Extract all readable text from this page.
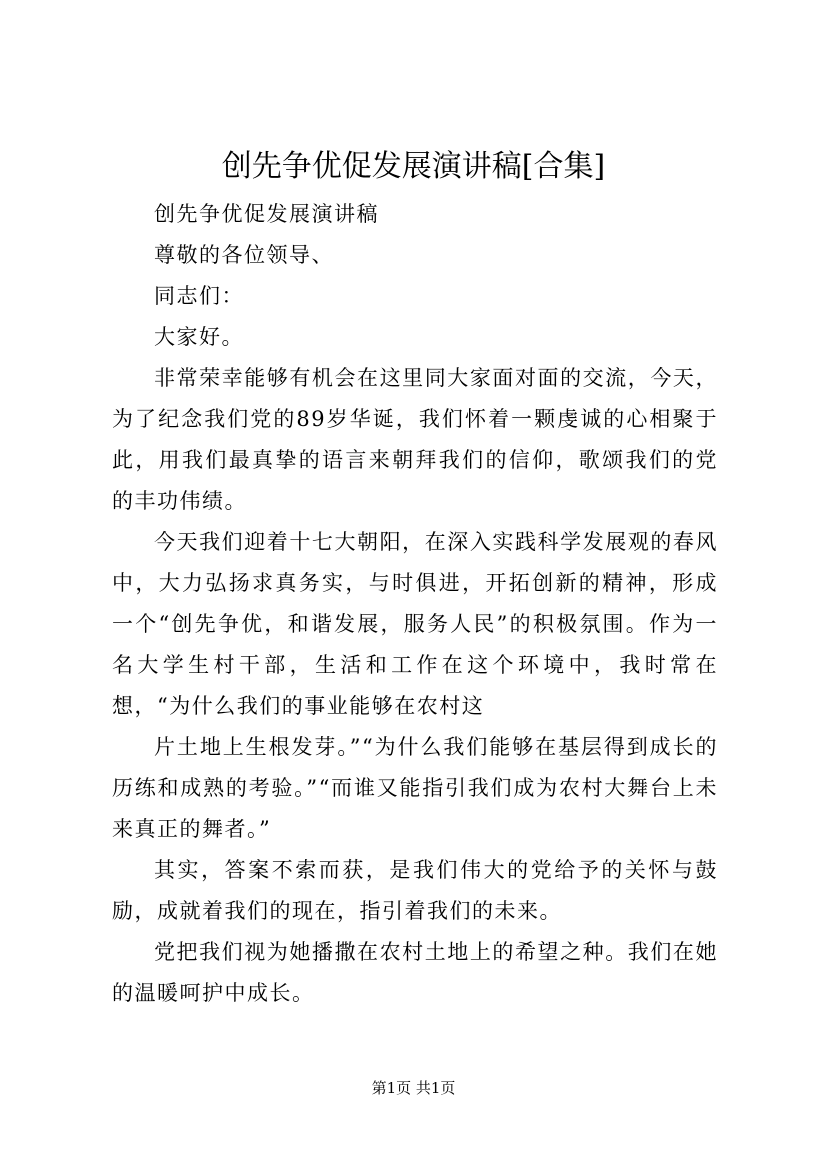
创先争优促发展演讲稿[合集]

创先争优促发展演讲稿

尊敬的各位领导、

同志们：

大家好。

非常荣幸能够有机会在这里同大家面对面的交流，今天，为了纪念我们党的89岁华诞，我们怀着一颗虔诚的心相聚于此，用我们最真挚的语言来朝拜我们的信仰，歌颂我们的党的丰功伟绩。

今天我们迎着十七大朝阳，在深入实践科学发展观的春风中，大力弘扬求真务实，与时俱进，开拓创新的精神，形成一个“创先争优，和谐发展，服务人民”的积极氛围。作为一名大学生村干部，生活和工作在这个环境中，我时常在想，“为什么我们的事业能够在农村这

片土地上生根发芽。”“为什么我们能够在基层得到成长的历练和成熟的考验。”“而谁又能指引我们成为农村大舞台上未来真正的舞者。”

其实，答案不索而获，是我们伟大的党给予的关怀与鼓励，成就着我们的现在，指引着我们的未来。

党把我们视为她播撒在农村土地上的希望之种。我们在她的温暖呵护中成长。

第1页 共1页
